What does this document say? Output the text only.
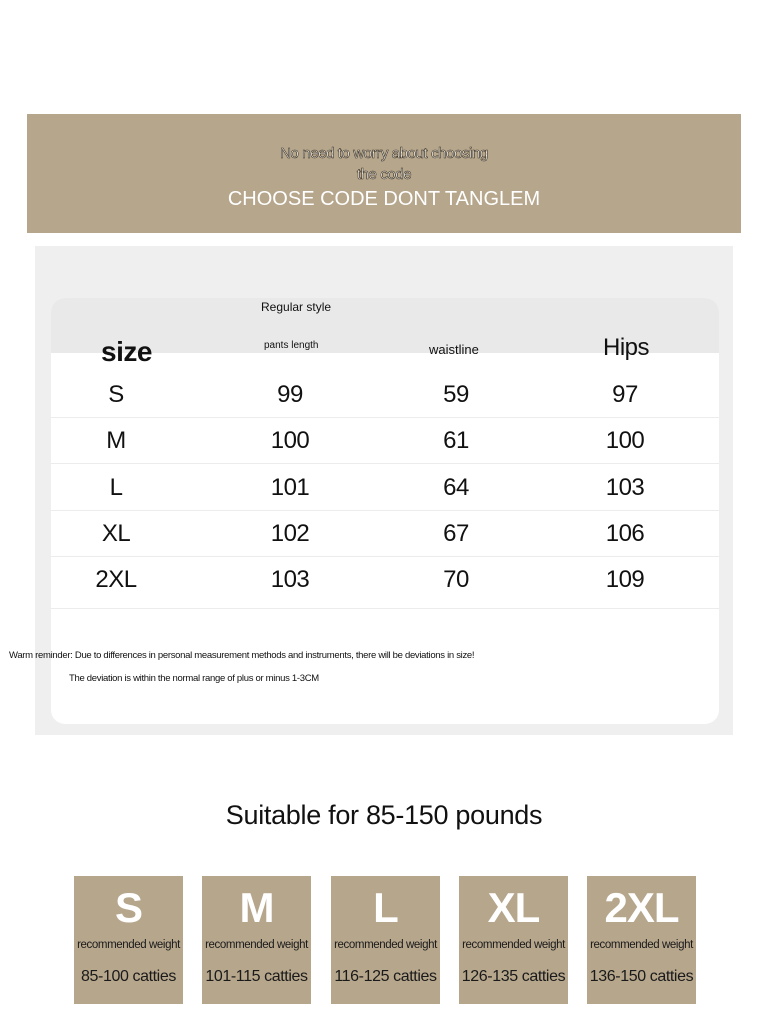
No need to worry about choosing
the code
CHOOSE CODE DONT TANGLEM
size
Regular style
pants length	waistline	Hips
S	99	59	97
M	100	61	100
L	101	64	103
XL	102	67	106
2XL	103	70	109
Warm reminder: Due to differences in personal measurement methods and instruments, there will be deviations in size!
The deviation is within the normal range of plus or minus 1-3CM
Suitable for 85-150 pounds
S
recommended weight
85-100 catties
M
recommended weight
101-115 catties
L
recommended weight
116-125 catties
XL
recommended weight
126-135 catties
2XL
recommended weight
136-150 catties
